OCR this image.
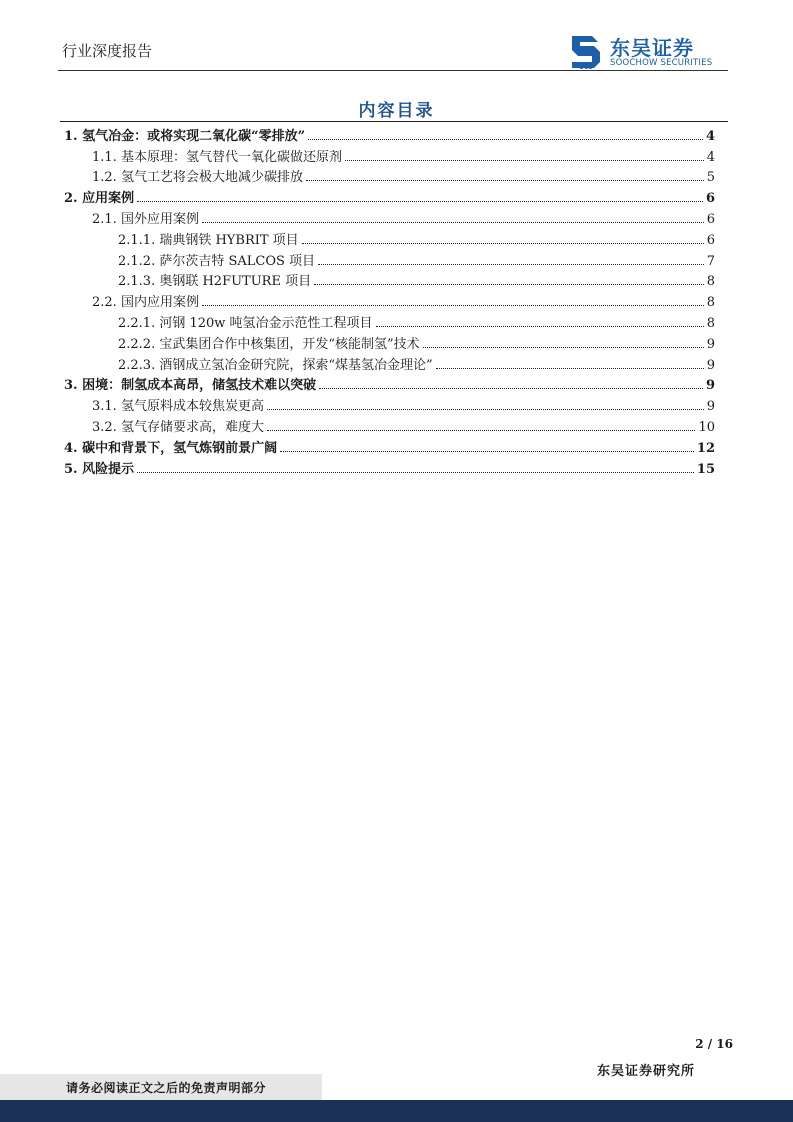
行业深度报告
SCS
东吴证券
SOOCHOW SECURITIES
内容目录
1. 氢气冶金：或将实现二氧化碳“零排放”	4
1.1. 基本原理：氢气替代一氧化碳做还原剂	4
1.2. 氢气工艺将会极大地减少碳排放	5
2. 应用案例	6
2.1. 国外应用案例	6
2.1.1. 瑞典钢铁 HYBRIT 项目	6
2.1.2. 萨尔茨吉特 SALCOS 项目	7
2.1.3. 奥钢联 H2FUTURE 项目	8
2.2. 国内应用案例	8
2.2.1. 河钢 120w 吨氢冶金示范性工程项目	8
2.2.2. 宝武集团合作中核集团，开发“核能制氢”技术	9
2.2.3. 酒钢成立氢冶金研究院，探索“煤基氢冶金理论”	9
3. 困境：制氢成本高昂，储氢技术难以突破	9
3.1. 氢气原料成本较焦炭更高	9
3.2. 氢气存储要求高，难度大	10
4. 碳中和背景下，氢气炼钢前景广阔	12
5. 风险提示	15
2 / 16
东吴证券研究所
请务必阅读正文之后的免责声明部分
